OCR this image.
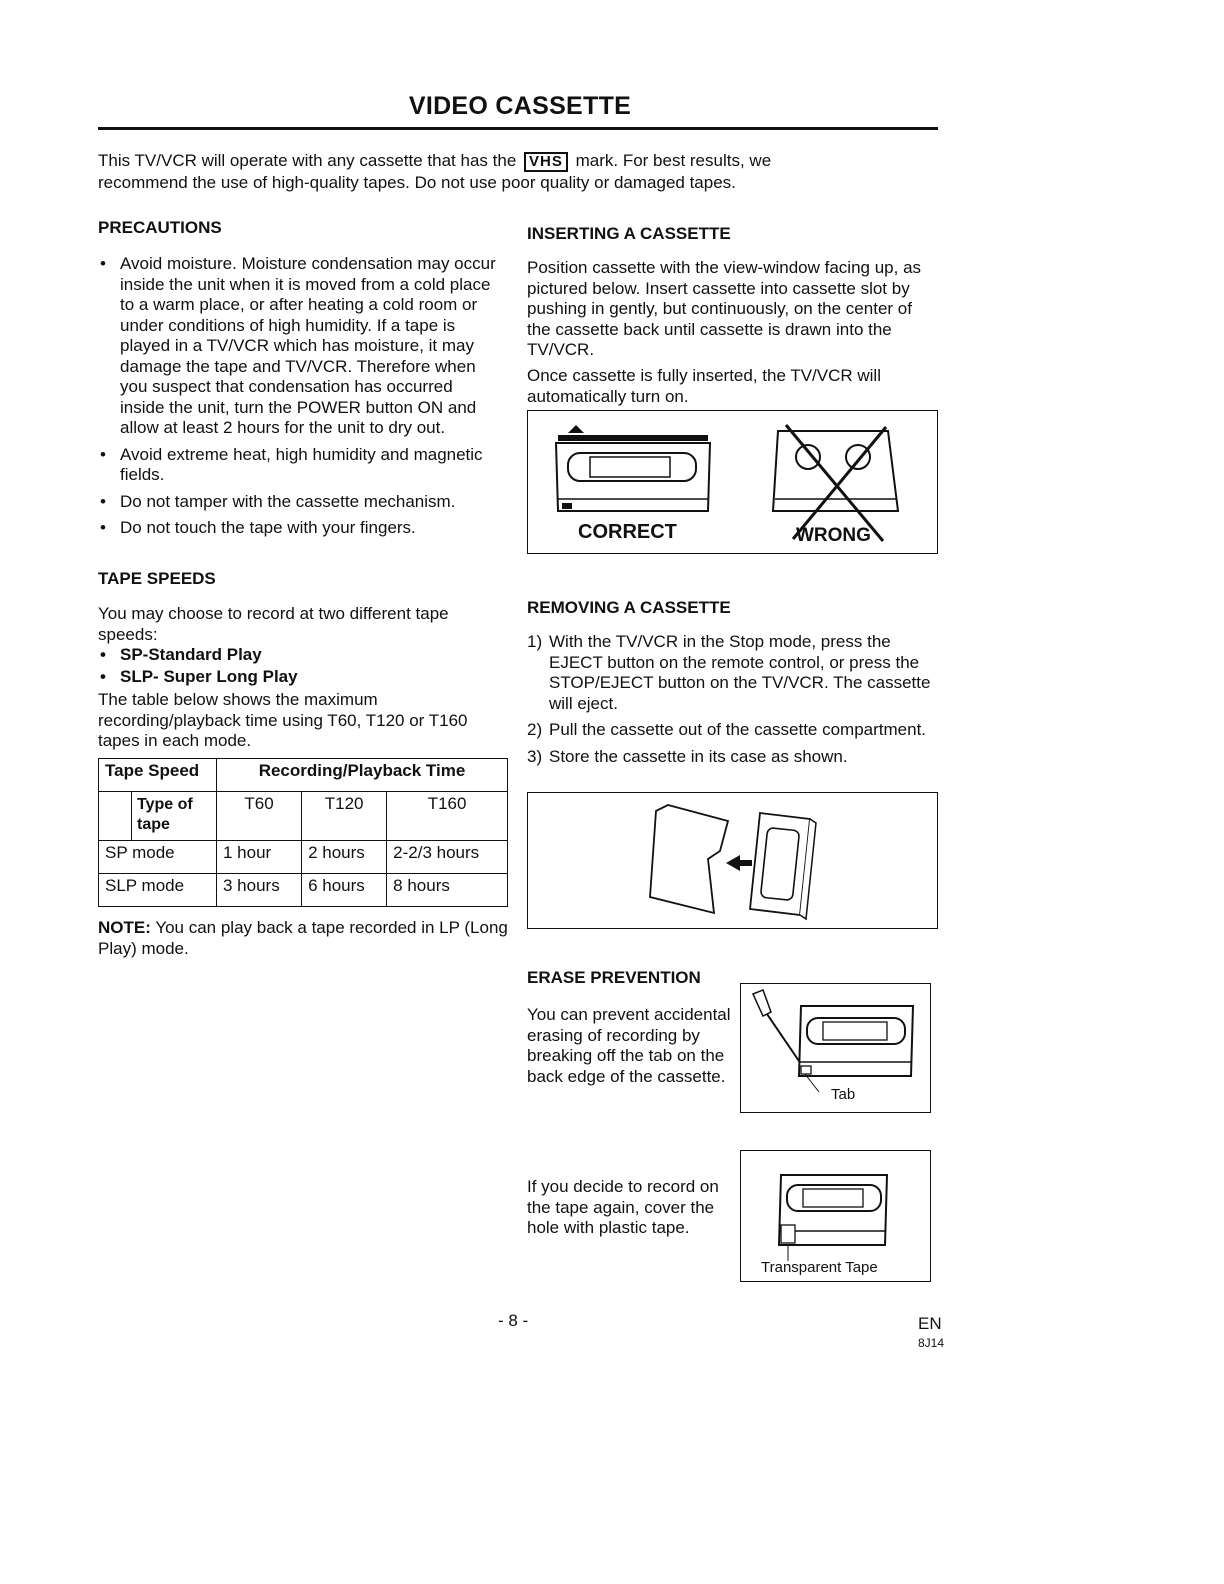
VIDEO CASSETTE
This TV/VCR will operate with any cassette that has the VHS mark. For best results, we recommend the use of high-quality tapes. Do not use poor quality or damaged tapes.
PRECAUTIONS
• Avoid moisture. Moisture condensation may occur inside the unit when it is moved from a cold place to a warm place, or after heating a cold room or under conditions of high humidity. If a tape is played in a TV/VCR which has moisture, it may damage the tape and TV/VCR. Therefore when you suspect that condensation has occurred inside the unit, turn the POWER button ON and allow at least 2 hours for the unit to dry out.
• Avoid extreme heat, high humidity and magnetic fields.
• Do not tamper with the cassette mechanism.
• Do not touch the tape with your fingers.
TAPE SPEEDS
You may choose to record at two different tape speeds:
• SP-Standard Play
• SLP- Super Long Play
The table below shows the maximum recording/playback time using T60, T120 or T160 tapes in each mode.
Tape Speed	Recording/Playback Time		

Type of tape	T60	T120	T160
SP mode	1 hour	2 hours	2-2/3 hours
SLP mode	3 hours	6 hours	8 hours
NOTE: You can play back a tape recorded in LP (Long Play) mode.
INSERTING A CASSETTE
Position cassette with the view-window facing up, as pictured below. Insert cassette into cassette slot by pushing in gently, but continuously, on the center of the cassette back until cassette is drawn into the TV/VCR.
Once cassette is fully inserted, the TV/VCR will automatically turn on.
CORRECT	WRONG
REMOVING A CASSETTE
1) With the TV/VCR in the Stop mode, press the EJECT button on the remote control, or press the STOP/EJECT button on the TV/VCR. The cassette will eject.
2) Pull the cassette out of the cassette compartment.
3) Store the cassette in its case as shown.
ERASE PREVENTION
You can prevent accidental erasing of recording by breaking off the tab on the back edge of the cassette.
Tab
If you decide to record on the tape again, cover the hole with plastic tape.
Transparent Tape
- 8 -	EN
8J14
